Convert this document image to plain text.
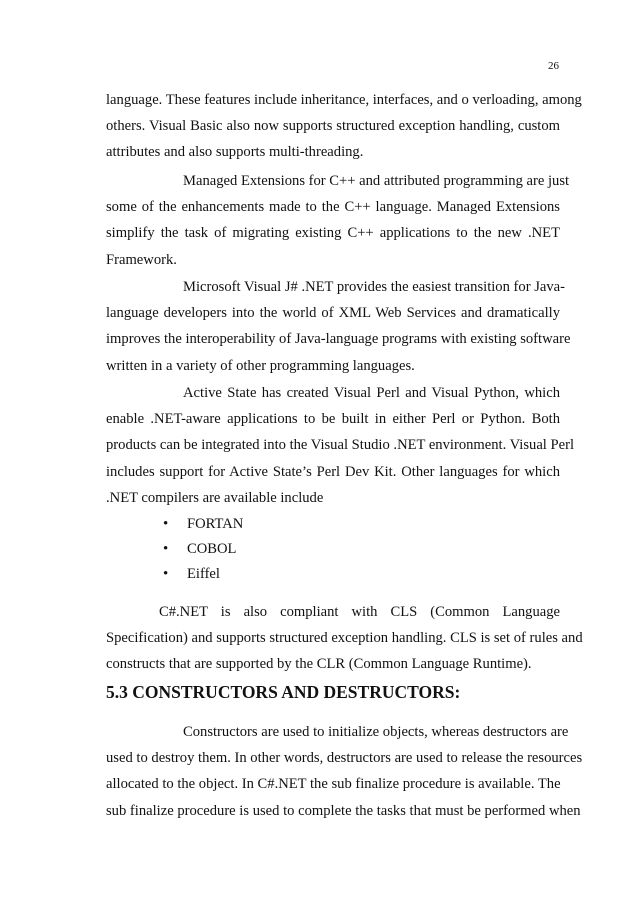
26
language. These features include inheritance, interfaces, and o verloading, among
others. Visual Basic also now supports structured exception handling, custom
attributes and also supports multi-threading.
Managed Extensions for C++ and attributed programming are just
some of the enhancements made to the C++ language. Managed Extensions
simplify the task of migrating existing C++ applications to the new .NET
Framework.
Microsoft Visual J# .NET provides the easiest transition for Java-
language developers into the world of XML Web Services and dramatically
improves the interoperability of Java-language programs with existing software
written in a variety of other programming languages.
Active State has created Visual Perl and Visual Python, which
enable .NET-aware applications to be built in either Perl or Python. Both
products can be integrated into the Visual Studio .NET environment. Visual Perl
includes support for Active State’s Perl Dev Kit. Other languages for which
.NET compilers are available include
• FORTAN
• COBOL
• Eiffel
C#.NET is also compliant with CLS (Common Language
Specification) and supports structured exception handling. CLS is set of rules and
constructs that are supported by the CLR (Common Language Runtime).
5.3 CONSTRUCTORS AND DESTRUCTORS:
Constructors are used to initialize objects, whereas destructors are
used to destroy them. In other words, destructors are used to release the resources
allocated to the object. In C#.NET the sub finalize procedure is available. The
sub finalize procedure is used to complete the tasks that must be performed when
